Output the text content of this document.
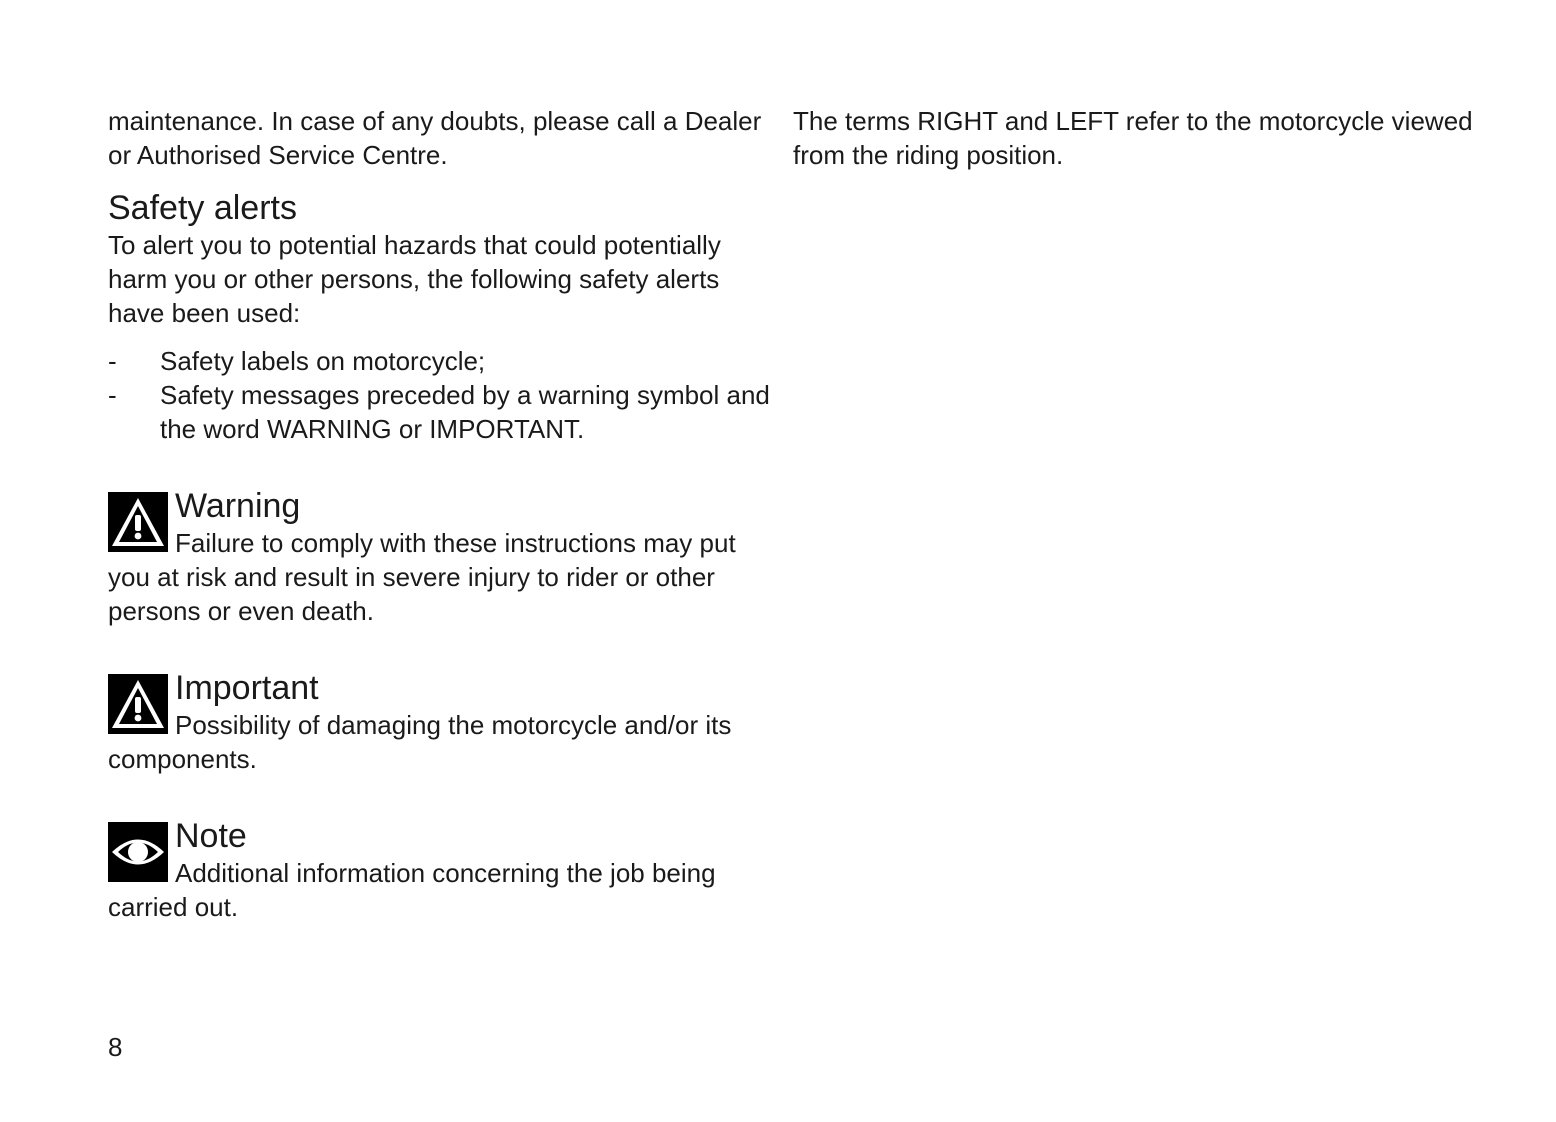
maintenance. In case of any doubts, please call a Dealer or Authorised Service Centre.

Safety alerts

To alert you to potential hazards that could potentially harm you or other persons, the following safety alerts have been used:

- Safety labels on motorcycle;
- Safety messages preceded by a warning symbol and the word WARNING or IMPORTANT.
Warning
Failure to comply with these instructions may put you at risk and result in severe injury to rider or other persons or even death.
Important
Possibility of damaging the motorcycle and/or its components.
Note
Additional information concerning the job being carried out.

The terms RIGHT and LEFT refer to the motorcycle viewed from the riding position.

8
